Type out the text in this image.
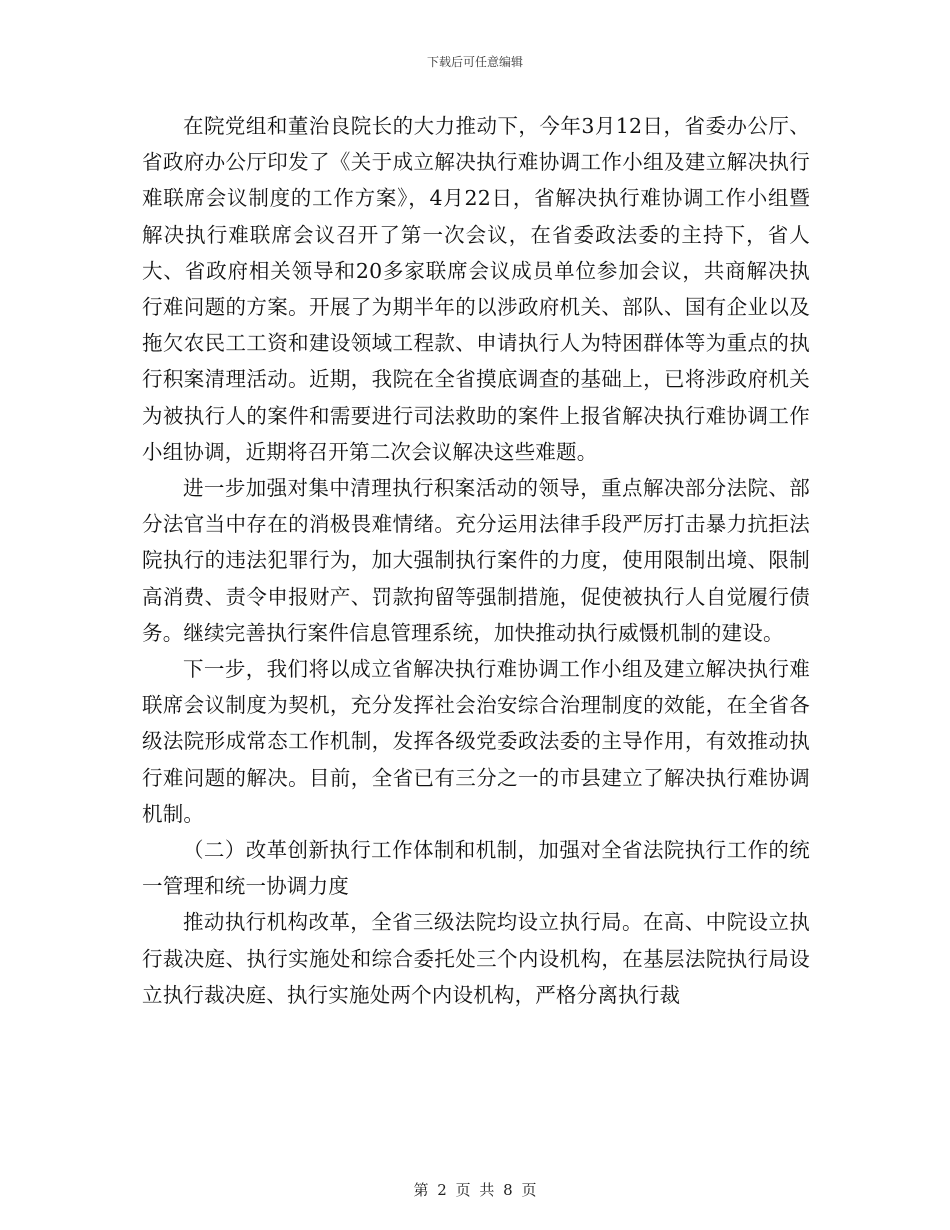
下载后可任意编辑

在院党组和董治良院长的大力推动下，今年3月12日，省委办公厅、省政府办公厅印发了《关于成立解决执行难协调工作小组及建立解决执行难联席会议制度的工作方案》，4月22日，省解决执行难协调工作小组暨解决执行难联席会议召开了第一次会议，在省委政法委的主持下，省人大、省政府相关领导和20多家联席会议成员单位参加会议，共商解决执行难问题的方案。开展了为期半年的以涉政府机关、部队、国有企业以及拖欠农民工工资和建设领域工程款、申请执行人为特困群体等为重点的执行积案清理活动。近期，我院在全省摸底调查的基础上，已将涉政府机关为被执行人的案件和需要进行司法救助的案件上报省解决执行难协调工作小组协调，近期将召开第二次会议解决这些难题。

进一步加强对集中清理执行积案活动的领导，重点解决部分法院、部分法官当中存在的消极畏难情绪。充分运用法律手段严厉打击暴力抗拒法院执行的违法犯罪行为，加大强制执行案件的力度，使用限制出境、限制高消费、责令申报财产、罚款拘留等强制措施，促使被执行人自觉履行债务。继续完善执行案件信息管理系统，加快推动执行威慑机制的建设。

下一步，我们将以成立省解决执行难协调工作小组及建立解决执行难联席会议制度为契机，充分发挥社会治安综合治理制度的效能，在全省各级法院形成常态工作机制，发挥各级党委政法委的主导作用，有效推动执行难问题的解决。目前，全省已有三分之一的市县建立了解决执行难协调机制。

（二）改革创新执行工作体制和机制，加强对全省法院执行工作的统一管理和统一协调力度

推动执行机构改革，全省三级法院均设立执行局。在高、中院设立执行裁决庭、执行实施处和综合委托处三个内设机构，在基层法院执行局设立执行裁决庭、执行实施处两个内设机构，严格分离执行裁

第 2 页 共 8 页
